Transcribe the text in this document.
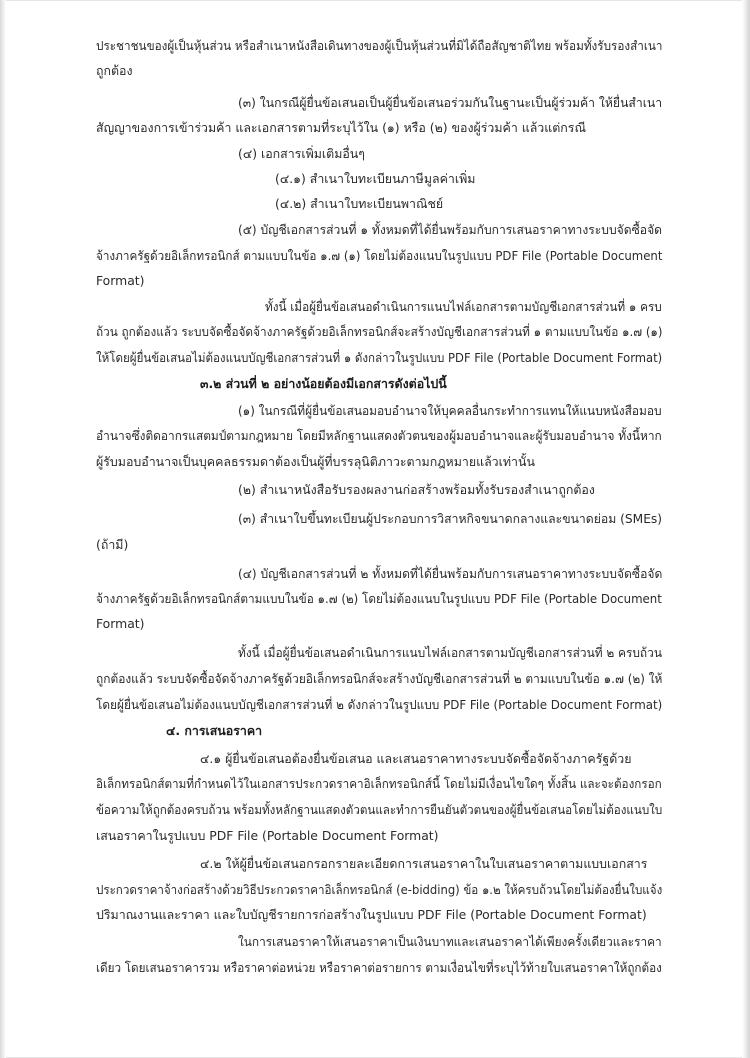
ประชาชนของผู้เป็นหุ้นส่วน หรือสำเนาหนังสือเดินทางของผู้เป็นหุ้นส่วนที่มิได้ถือสัญชาติไทย พร้อมทั้งรับรองสำเนา

ถูกต้อง

(๓) ในกรณีผู้ยื่นข้อเสนอเป็นผู้ยื่นข้อเสนอร่วมกันในฐานะเป็นผู้ร่วมค้า ให้ยื่นสำเนา

สัญญาของการเข้าร่วมค้า และเอกสารตามที่ระบุไว้ใน (๑) หรือ (๒) ของผู้ร่วมค้า แล้วแต่กรณี

(๔) เอกสารเพิ่มเติมอื่นๆ

(๔.๑) สำเนาใบทะเบียนภาษีมูลค่าเพิ่ม

(๔.๒) สำเนาใบทะเบียนพาณิชย์

(๕) บัญชีเอกสารส่วนที่ ๑ ทั้งหมดที่ได้ยื่นพร้อมกับการเสนอราคาทางระบบจัดซื้อจัด

จ้างภาครัฐด้วยอิเล็กทรอนิกส์ ตามแบบในข้อ ๑.๗ (๑) โดยไม่ต้องแนบในรูปแบบ PDF File (Portable Document

Format)

ทั้งนี้ เมื่อผู้ยื่นข้อเสนอดำเนินการแนบไฟล์เอกสารตามบัญชีเอกสารส่วนที่ ๑ ครบ

ถ้วน ถูกต้องแล้ว ระบบจัดซื้อจัดจ้างภาครัฐด้วยอิเล็กทรอนิกส์จะสร้างบัญชีเอกสารส่วนที่ ๑ ตามแบบในข้อ ๑.๗ (๑)

ให้โดยผู้ยื่นข้อเสนอไม่ต้องแนบบัญชีเอกสารส่วนที่ ๑ ดังกล่าวในรูปแบบ PDF File (Portable Document Format)

๓.๒ ส่วนที่ ๒ อย่างน้อยต้องมีเอกสารดังต่อไปนี้

(๑) ในกรณีที่ผู้ยื่นข้อเสนอมอบอำนาจให้บุคคลอื่นกระทำการแทนให้แนบหนังสือมอบ

อำนาจซึ่งติดอากรแสตมป์ตามกฎหมาย โดยมีหลักฐานแสดงตัวตนของผู้มอบอำนาจและผู้รับมอบอำนาจ ทั้งนี้หาก

ผู้รับมอบอำนาจเป็นบุคคลธรรมดาต้องเป็นผู้ที่บรรลุนิติภาวะตามกฎหมายแล้วเท่านั้น

(๒) สำเนาหนังสือรับรองผลงานก่อสร้างพร้อมทั้งรับรองสำเนาถูกต้อง

(๓) สำเนาใบขึ้นทะเบียนผู้ประกอบการวิสาหกิจขนาดกลางและขนาดย่อม (SMEs)

(ถ้ามี)

(๔) บัญชีเอกสารส่วนที่ ๒ ทั้งหมดที่ได้ยื่นพร้อมกับการเสนอราคาทางระบบจัดซื้อจัด

จ้างภาครัฐด้วยอิเล็กทรอนิกส์ตามแบบในข้อ ๑.๗ (๒) โดยไม่ต้องแนบในรูปแบบ PDF File (Portable Document

Format)

ทั้งนี้ เมื่อผู้ยื่นข้อเสนอดำเนินการแนบไฟล์เอกสารตามบัญชีเอกสารส่วนที่ ๒ ครบถ้วน

ถูกต้องแล้ว ระบบจัดซื้อจัดจ้างภาครัฐด้วยอิเล็กทรอนิกส์จะสร้างบัญชีเอกสารส่วนที่ ๒ ตามแบบในข้อ ๑.๗ (๒) ให้

โดยผู้ยื่นข้อเสนอไม่ต้องแนบบัญชีเอกสารส่วนที่ ๒ ดังกล่าวในรูปแบบ PDF File (Portable Document Format)

๔. การเสนอราคา

๔.๑ ผู้ยื่นข้อเสนอต้องยื่นข้อเสนอ และเสนอราคาทางระบบจัดซื้อจัดจ้างภาครัฐด้วย

อิเล็กทรอนิกส์ตามที่กำหนดไว้ในเอกสารประกวดราคาอิเล็กทรอนิกส์นี้ โดยไม่มีเงื่อนไขใดๆ ทั้งสิ้น และจะต้องกรอก

ข้อความให้ถูกต้องครบถ้วน พร้อมทั้งหลักฐานแสดงตัวตนและทำการยืนยันตัวตนของผู้ยื่นข้อเสนอโดยไม่ต้องแนบใบ

เสนอราคาในรูปแบบ PDF File (Portable Document Format)

๔.๒ ให้ผู้ยื่นข้อเสนอกรอกรายละเอียดการเสนอราคาในใบเสนอราคาตามแบบเอกสาร

ประกวดราคาจ้างก่อสร้างด้วยวิธีประกวดราคาอิเล็กทรอนิกส์ (e-bidding) ข้อ ๑.๒ ให้ครบถ้วนโดยไม่ต้องยื่นใบแจ้ง

ปริมาณงานและราคา และใบบัญชีรายการก่อสร้างในรูปแบบ PDF File (Portable Document Format)

ในการเสนอราคาให้เสนอราคาเป็นเงินบาทและเสนอราคาได้เพียงครั้งเดียวและราคา

เดียว โดยเสนอราคารวม หรือราคาต่อหน่วย หรือราคาต่อรายการ ตามเงื่อนไขที่ระบุไว้ท้ายใบเสนอราคาให้ถูกต้อง
